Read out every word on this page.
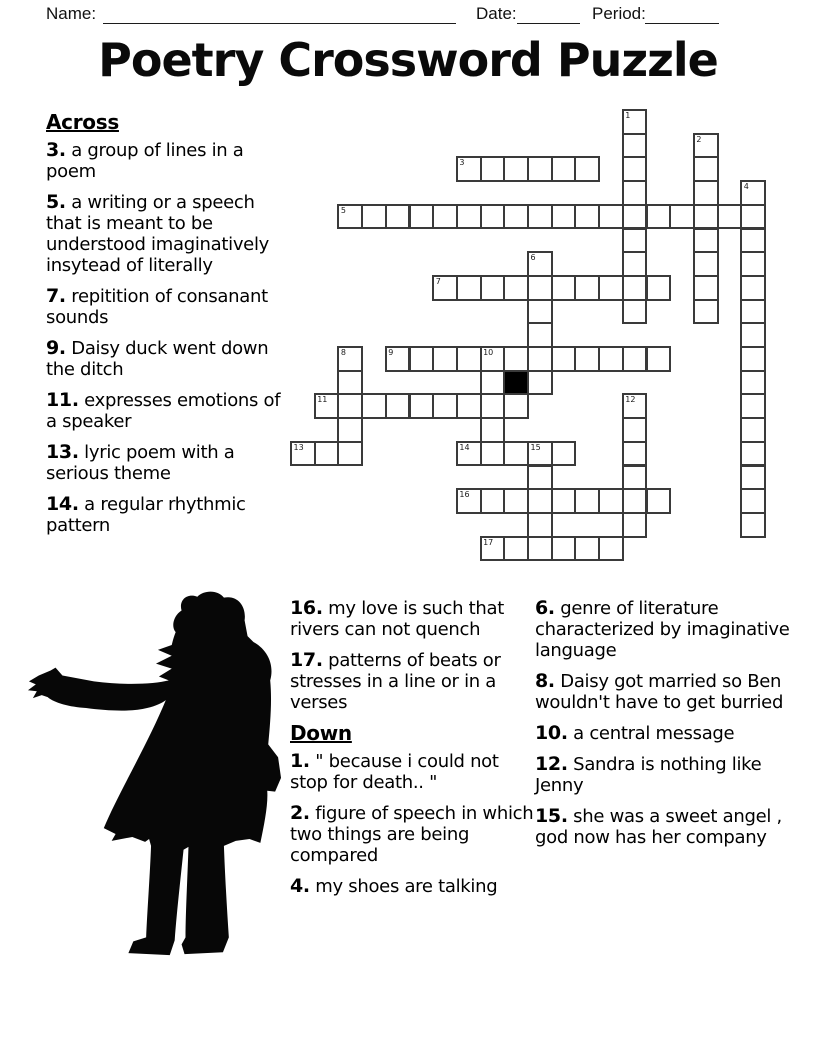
Name:	Date:	Period:
Poetry Crossword Puzzle
3
5
7
9	10
11
13	14	15
16
17
1
2
4
6
8
12

Across

3. a group of lines in a poem

5. a writing or a speech that is meant to be understood imaginatively insytead of literally

7. repitition of consanant sounds

9. Daisy duck went down the ditch

11. expresses emotions of a speaker

13. lyric poem with a serious theme

14. a regular rhythmic pattern

16. my love is such that rivers can not quench

17. patterns of beats or stresses in a line or in a verses

Down

1. " because i could not stop for death.. "

2. figure of speech in which two things are being compared

4. my shoes are talking

6. genre of literature characterized by imaginative language

8. Daisy got married so Ben wouldn't have to get burried

10. a central message

12. Sandra is nothing like Jenny

15. she was a sweet angel , god now has her company
